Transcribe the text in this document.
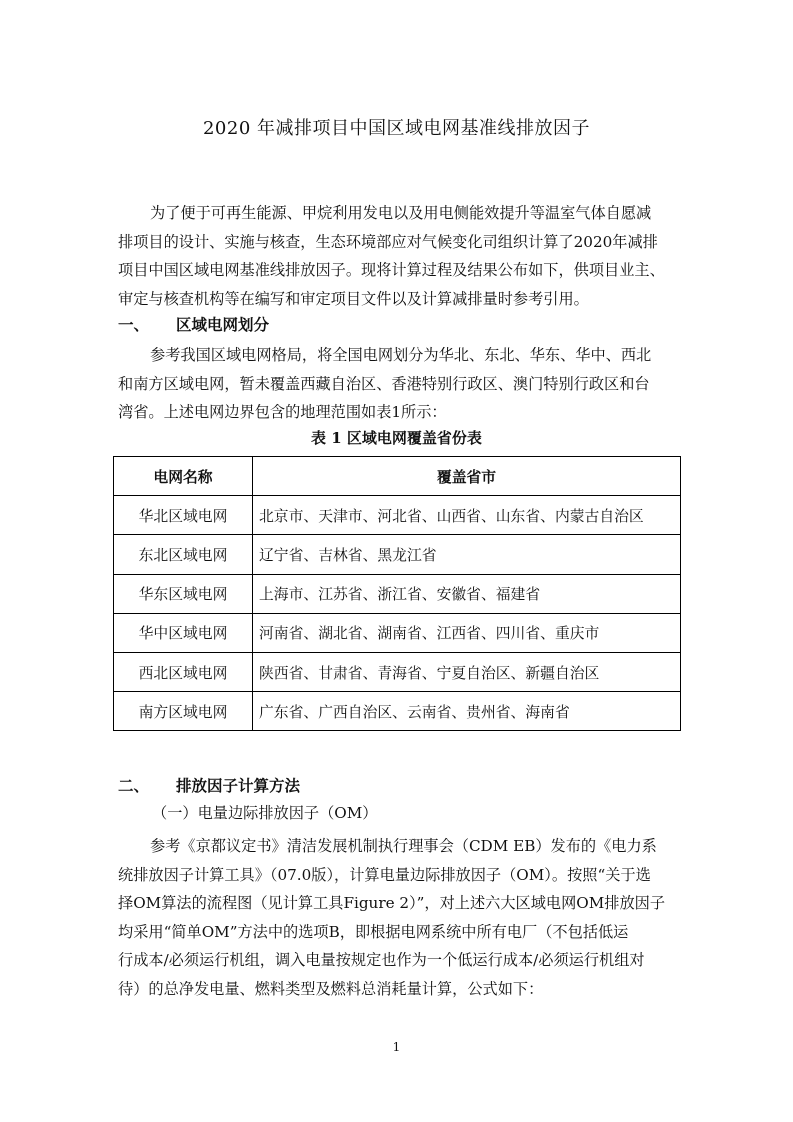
2020 年减排项目中国区域电网基准线排放因子
为了便于可再生能源、甲烷利用发电以及用电侧能效提升等温室气体自愿减
排项目的设计、实施与核查，生态环境部应对气候变化司组织计算了2020年减排
项目中国区域电网基准线排放因子。现将计算过程及结果公布如下，供项目业主、
审定与核查机构等在编写和审定项目文件以及计算减排量时参考引用。
一、 区域电网划分
参考我国区域电网格局，将全国电网划分为华北、东北、华东、华中、西北
和南方区域电网，暂未覆盖西藏自治区、香港特别行政区、澳门特别行政区和台
湾省。上述电网边界包含的地理范围如表1所示：
表 1 区域电网覆盖省份表
电网名称	覆盖省市
华北区域电网	北京市、天津市、河北省、山西省、山东省、内蒙古自治区
东北区域电网	辽宁省、吉林省、黑龙江省
华东区域电网	上海市、江苏省、浙江省、安徽省、福建省
华中区域电网	河南省、湖北省、湖南省、江西省、四川省、重庆市
西北区域电网	陕西省、甘肃省、青海省、宁夏自治区、新疆自治区
南方区域电网	广东省、广西自治区、云南省、贵州省、海南省
二、 排放因子计算方法
（一）电量边际排放因子（OM）
参考《京都议定书》清洁发展机制执行理事会（CDM EB）发布的《电力系
统排放因子计算工具》（07.0版），计算电量边际排放因子（OM）。按照“关于选
择OM算法的流程图（见计算工具Figure 2）”，对上述六大区域电网OM排放因子
均采用“简单OM”方法中的选项B，即根据电网系统中所有电厂（不包括低运
行成本/必须运行机组，调入电量按规定也作为一个低运行成本/必须运行机组对
待）的总净发电量、燃料类型及燃料总消耗量计算，公式如下：
1
